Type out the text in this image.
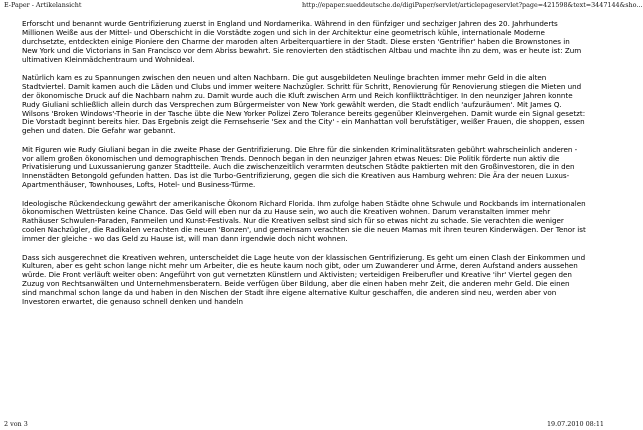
E-Paper - Artikelansicht	http://epaper.sueddeutsche.de/digiPaper/servlet/articlepageservlet?page=421598&text=3447144&sho...

Erforscht und benannt wurde Gentrifizierung zuerst in England und Nordamerika. Während in den fünfziger und sechziger Jahren des 20. Jahrhunderts Millionen Weiße aus der Mittel- und Oberschicht in die Vorstädte zogen und sich in der Architektur eine geometrisch kühle, internationale Moderne durchsetzte, entdeckten einige Pioniere den Charme der maroden alten Arbeiterquartiere in der Stadt. Diese ersten 'Gentrifier' haben die Brownstones in New York und die Victorians in San Francisco vor dem Abriss bewahrt. Sie renovierten den städtischen Altbau und machte ihn zu dem, was er heute ist: Zum ultimativen Kleinmädchentraum und Wohnideal.

Natürlich kam es zu Spannungen zwischen den neuen und alten Nachbarn. Die gut ausgebildeten Neulinge brachten immer mehr Geld in die alten Stadtviertel. Damit kamen auch die Läden und Clubs und immer weitere Nachzügler. Schritt für Schritt, Renovierung für Renovierung stiegen die Mieten und der ökonomische Druck auf die Nachbarn nahm zu. Damit wurde auch die Kluft zwischen Arm und Reich konfliktträchtiger. In den neunziger Jahren konnte Rudy Giuliani schließlich allein durch das Versprechen zum Bürgermeister von New York gewählt werden, die Stadt endlich 'aufzuräumen'. Mit James Q. Wilsons 'Broken Windows'-Theorie in der Tasche übte die New Yorker Polizei Zero Tolerance bereits gegenüber Kleinvergehen. Damit wurde ein Signal gesetzt: Die Vorstadt beginnt bereits hier. Das Ergebnis zeigt die Fernsehserie 'Sex and the City' - ein Manhattan voll berufstätiger, weißer Frauen, die shoppen, essen gehen und daten. Die Gefahr war gebannt.

Mit Figuren wie Rudy Giuliani began in die zweite Phase der Gentrifizierung. Die Ehre für die sinkenden Kriminalitätsraten gebührt wahrscheinlich anderen - vor allem großen ökonomischen und demographischen Trends. Dennoch began in den neunziger Jahren etwas Neues: Die Politik förderte nun aktiv die Privatisierung und Luxussanierung ganzer Stadtteile. Auch die zwischenzeitlich verarmten deutschen Städte paktierten mit den Großinvestoren, die in den Innenstädten Betongold gefunden hatten. Das ist die Turbo-Gentrifizierung, gegen die sich die Kreativen aus Hamburg wehren: Die Ära der neuen Luxus-Apartmenthäuser, Townhouses, Lofts, Hotel- und Business-Türme.

Ideologische Rückendeckung gewährt der amerikanische Ökonom Richard Florida. Ihm zufolge haben Städte ohne Schwule und Rockbands im internationalen ökonomischen Wettrüsten keine Chance. Das Geld will eben nur da zu Hause sein, wo auch die Kreativen wohnen. Darum veranstalten immer mehr Rathäuser Schwulen-Paraden, Fanmeilen und Kunst-Festivals. Nur die Kreativen selbst sind sich für so etwas nicht zu schade. Sie verachten die weniger coolen Nachzügler, die Radikalen verachten die neuen 'Bonzen', und gemeinsam verachten sie die neuen Mamas mit ihren teuren Kinderwägen. Der Tenor ist immer der gleiche - wo das Geld zu Hause ist, will man dann irgendwie doch nicht wohnen.

Dass sich ausgerechnet die Kreativen wehren, unterscheidet die Lage heute von der klassischen Gentrifizierung. Es geht um einen Clash der Einkommen und Kulturen, aber es geht schon lange nicht mehr um Arbeiter, die es heute kaum noch gibt, oder um Zuwanderer und Arme, deren Aufstand anders aussehen würde. Die Front verläuft weiter oben: Angeführt von gut vernetzten Künstlern und Aktivisten; verteidigen Freiberufler und Kreative 'ihr' Viertel gegen den Zuzug von Rechtsanwälten und Unternehmensberatern. Beide verfügen über Bildung, aber die einen haben mehr Zeit, die anderen mehr Geld. Die einen sind manchmal schon lange da und haben in den Nischen der Stadt ihre eigene alternative Kultur geschaffen, die anderen sind neu, werden aber von Investoren erwartet, die genauso schnell denken und handeln

2 von 3	19.07.2010 08:11
